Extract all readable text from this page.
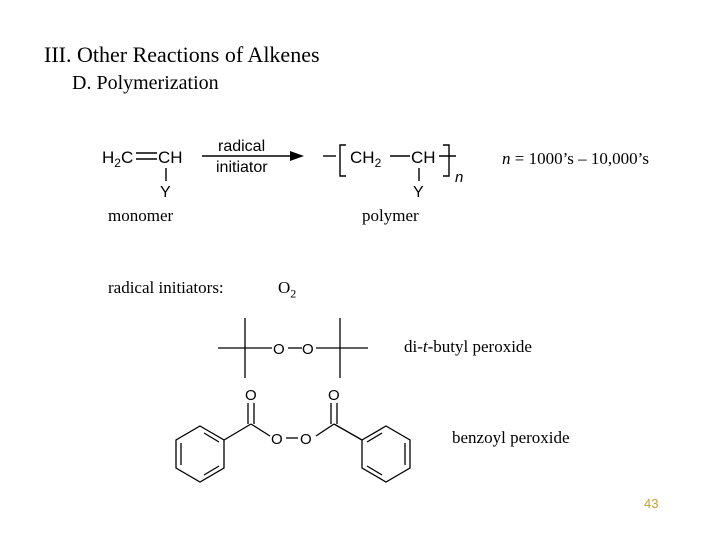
III. Other Reactions of Alkenes
D. Polymerization
$H_2C$ CH
Y
radical
initiator
$CH_2$ CH
Y
n
O O
O	O
O O
n = 1000’s – 10,000’s
monomer	polymer
radical initiators:	$O_2$
di-t-butyl peroxide
benzoyl peroxide
43
